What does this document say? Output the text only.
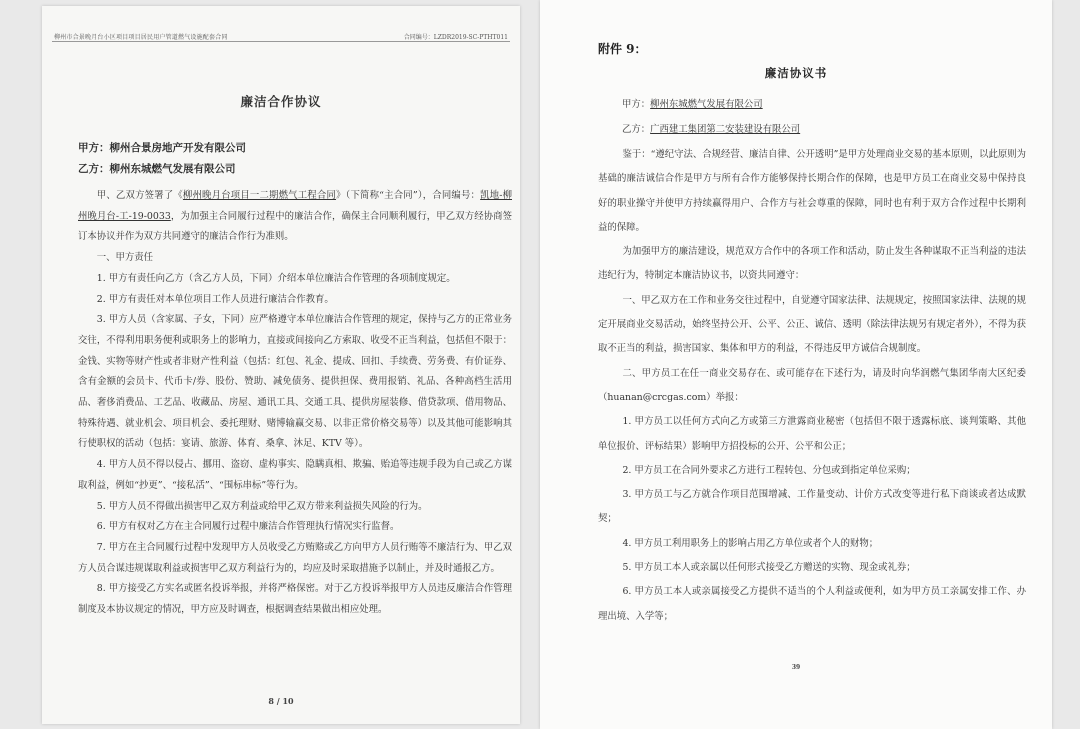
柳州市合景晚月台小区项目项目居民用户管道燃气设施配套合同	合同编号：LZDR2019-SC-PTHT011
廉洁合作协议
甲方：柳州合景房地产开发有限公司
乙方：柳州东城燃气发展有限公司

甲、乙双方签署了《柳州晚月台项目一二期燃气工程合同》（下简称“主合同”），合同编号：凯地-柳州晚月台-工-19-0033，为加强主合同履行过程中的廉洁合作，确保主合同顺利履行，甲乙双方经协商签订本协议并作为双方共同遵守的廉洁合作行为准则。

一、甲方责任

1. 甲方有责任向乙方（含乙方人员，下同）介绍本单位廉洁合作管理的各项制度规定。

2. 甲方有责任对本单位项目工作人员进行廉洁合作教育。

3. 甲方人员（含家属、子女，下同）应严格遵守本单位廉洁合作管理的规定，保持与乙方的正常业务交往，不得利用职务便利或职务上的影响力，直接或间接向乙方索取、收受不正当利益，包括但不限于：金钱、实物等财产性或者非财产性利益（包括：红包、礼金、提成、回扣、手续费、劳务费、有价证券、含有金额的会员卡、代币卡/券、股份、赞助、减免债务、提供担保、费用报销、礼品、各种高档生活用品、奢侈消费品、工艺品、收藏品、房屋、通讯工具、交通工具、提供房屋装修、借贷款项、借用物品、特殊待遇、就业机会、项目机会、委托理财、赌博输赢交易、以非正常价格交易等）以及其他可能影响其行使职权的活动（包括：宴请、旅游、体育、桑拿、沐足、KTV 等）。

4. 甲方人员不得以侵占、挪用、盗窃、虚构事实、隐瞒真相、欺骗、贻追等违规手段为自己或乙方谋取利益，例如“抄更”、“接私活”、“围标串标”等行为。

5. 甲方人员不得做出损害甲乙双方利益或给甲乙双方带来利益损失风险的行为。

6. 甲方有权对乙方在主合同履行过程中廉洁合作管理执行情况实行监督。

7. 甲方在主合同履行过程中发现甲方人员收受乙方贿赂或乙方向甲方人员行贿等不廉洁行为、甲乙双方人员合谋违规谋取利益或损害甲乙双方利益行为的，均应及时采取措施予以制止，并及时通报乙方。

8. 甲方接受乙方实名或匿名投诉举报，并将严格保密。对于乙方投诉举报甲方人员违反廉洁合作管理制度及本协议规定的情况，甲方应及时调查，根据调查结果做出相应处理。

8 / 10
附件 9：
廉洁协议书
甲方：柳州东城燃气发展有限公司
乙方：广西建工集团第二安装建设有限公司

鉴于：“遵纪守法、合规经营、廉洁自律、公开透明”是甲方处理商业交易的基本原则，以此原则为基础的廉洁诚信合作是甲方与所有合作方能够保持长期合作的保障，也是甲方员工在商业交易中保持良好的职业操守并使甲方持续赢得用户、合作方与社会尊重的保障，同时也有利于双方合作过程中长期利益的保障。

为加强甲方的廉洁建设，规范双方合作中的各项工作和活动，防止发生各种谋取不正当利益的违法违纪行为，特制定本廉洁协议书，以资共同遵守：

一、甲乙双方在工作和业务交往过程中，自觉遵守国家法律、法规规定，按照国家法律、法规的规定开展商业交易活动，始终坚持公开、公平、公正、诚信、透明（除法律法规另有规定者外），不得为获取不正当的利益，损害国家、集体和甲方的利益，不得违反甲方诚信合规制度。

二、甲方员工在任一商业交易存在、或可能存在下述行为，请及时向华润燃气集团华南大区纪委（huanan@crcgas.com）举报：

1. 甲方员工以任何方式向乙方或第三方泄露商业秘密（包括但不限于透露标底、谈判策略、其他单位报价、评标结果）影响甲方招投标的公开、公平和公正；

2. 甲方员工在合同外要求乙方进行工程转包、分包或到指定单位采购；

3. 甲方员工与乙方就合作项目范围增减、工作量变动、计价方式改变等进行私下商谈或者达成默契；

4. 甲方员工利用职务上的影响占用乙方单位或者个人的财物；

5. 甲方员工本人或亲属以任何形式接受乙方赠送的实物、现金或礼券；

6. 甲方员工本人或亲属接受乙方提供不适当的个人利益或便利，如为甲方员工亲属安排工作、办理出境、入学等；

39
